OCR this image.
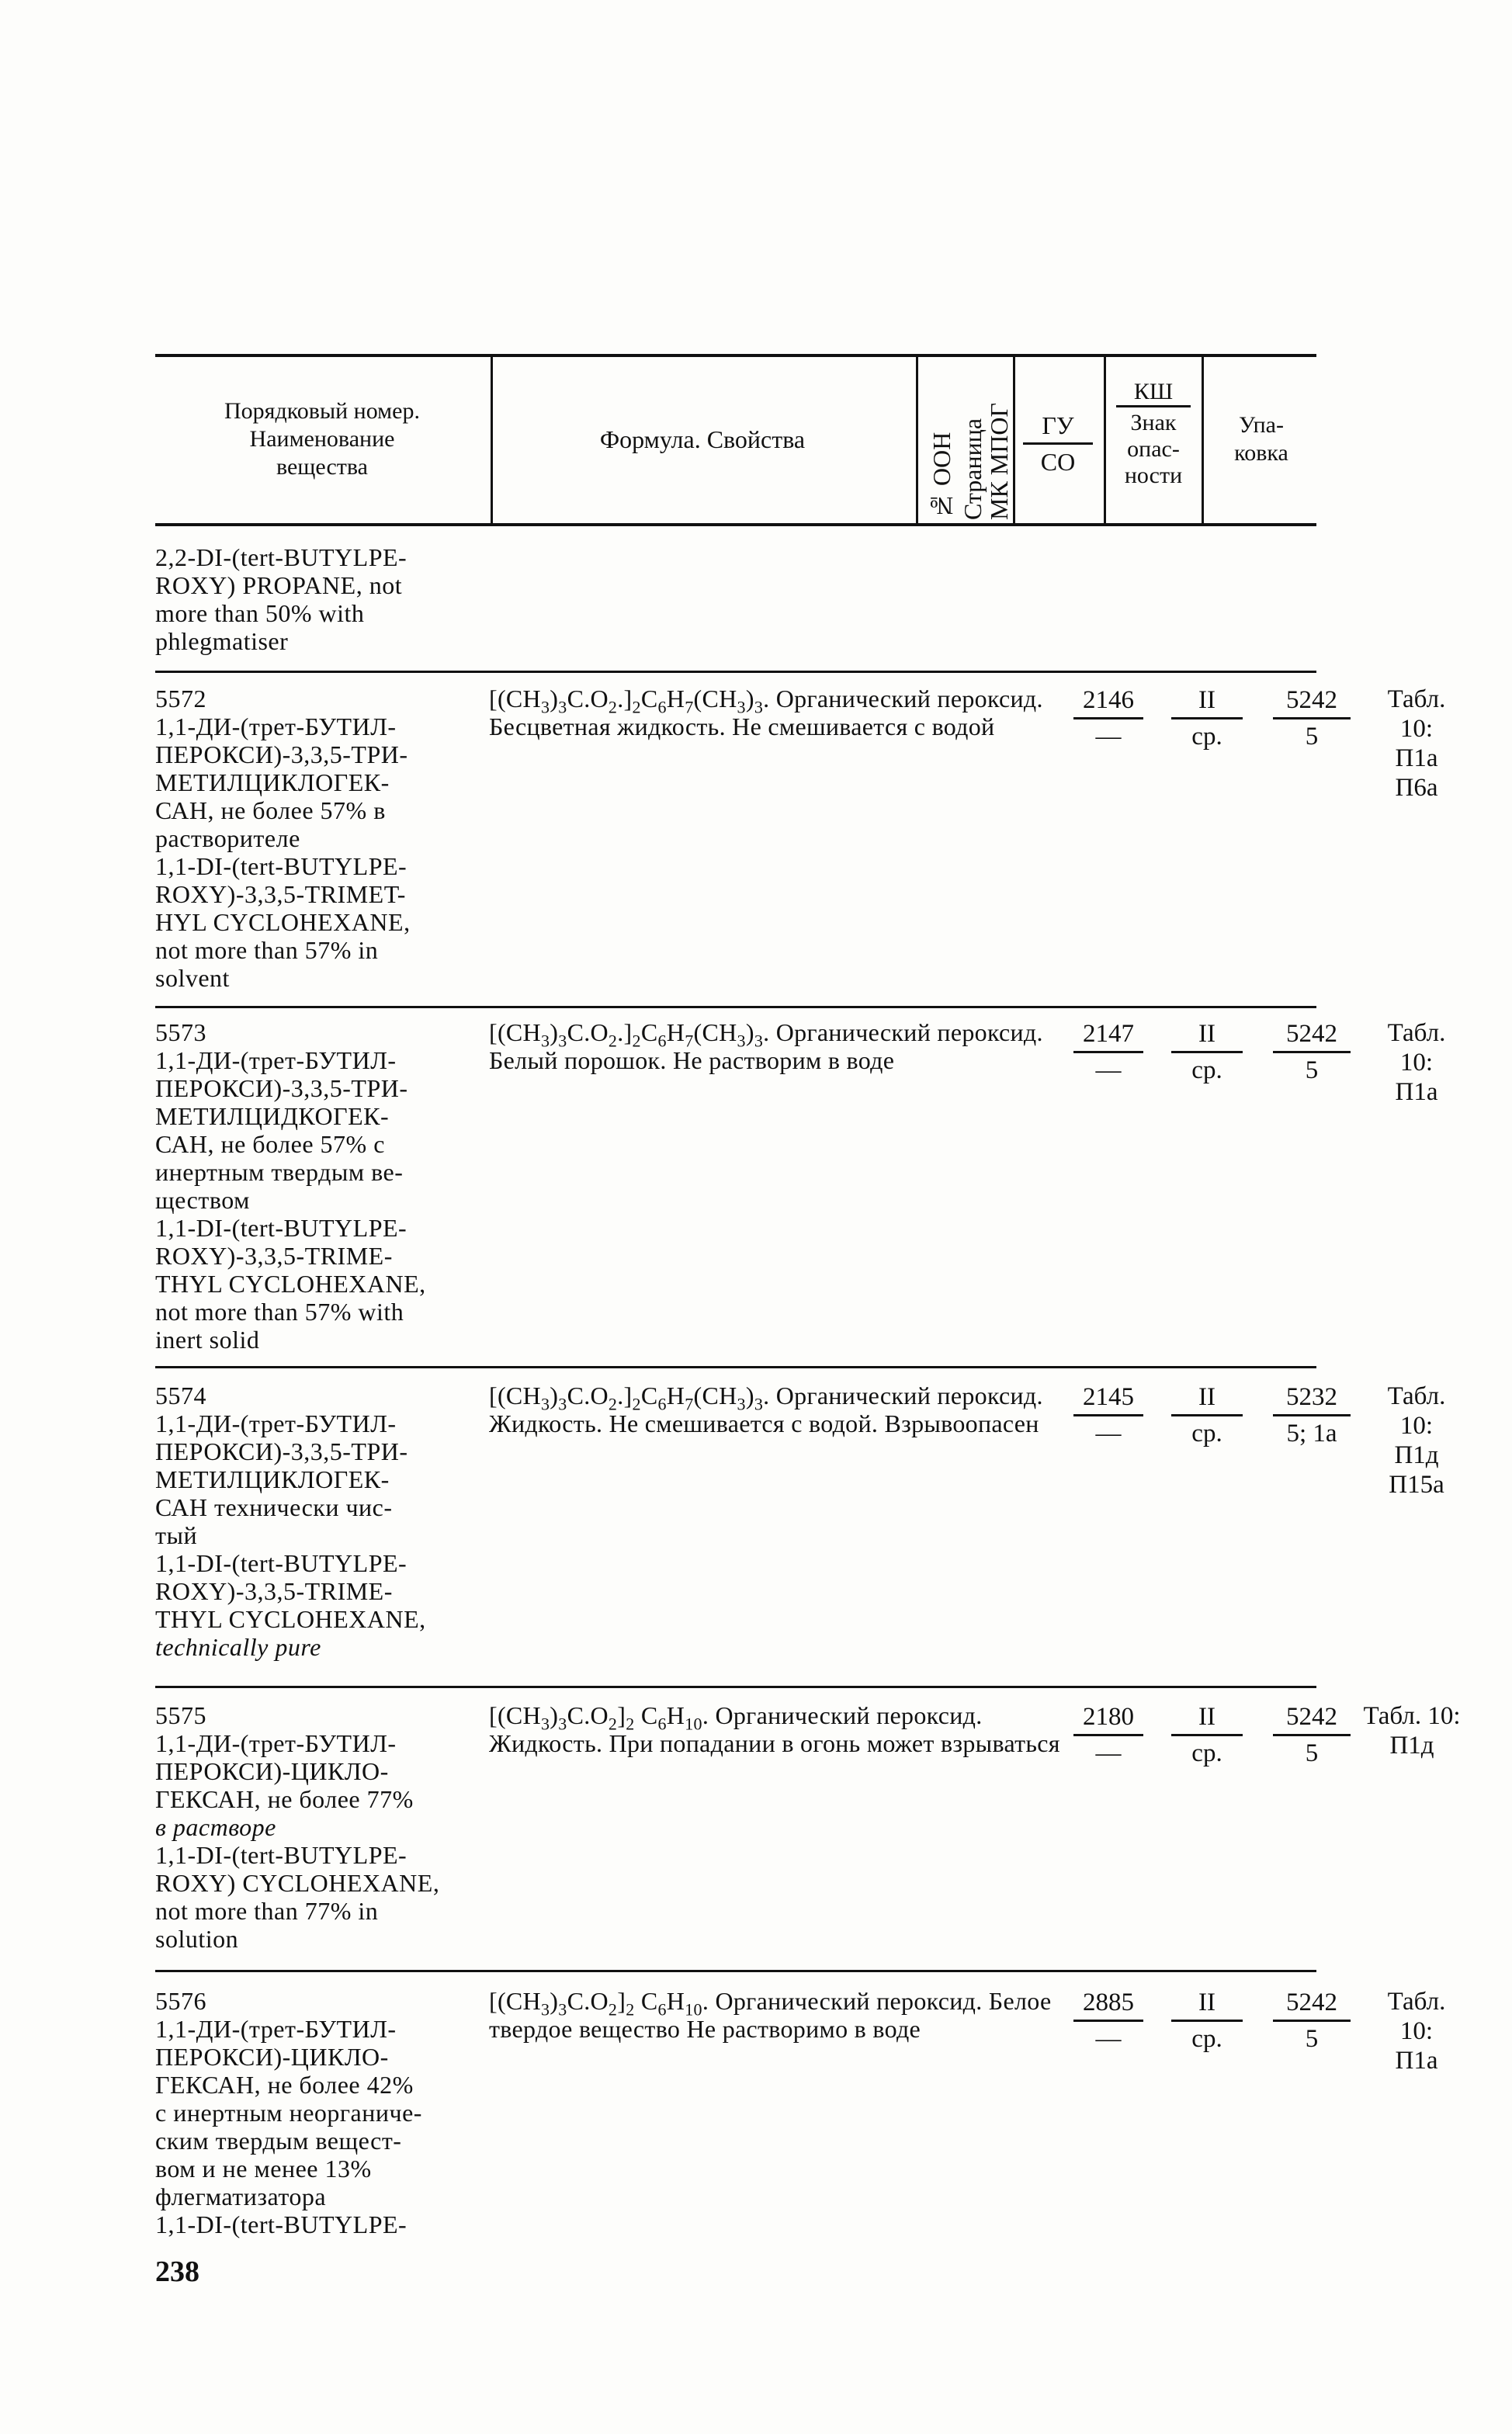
Порядковый номер.
Наименование
вещества
Формула. Свойства	№ ООН Страница
МК МПОГ	ГУ
СО
КШ
Знак
опас-
ности
Упа-
ковка
2,2-DI-(tert-BUTYLPE-
ROXY) PROPANE, not
more than 50% with
phlegmatiser
5572
1,1-ДИ-(трет-БУТИЛ-
ПЕРОКСИ)-3,3,5-ТРИ-
МЕТИЛЦИКЛОГЕК-
САН, не более 57% в
растворителе
1,1-DI-(tert-BUTYLPE-
ROXY)-3,3,5-TRIMET-
HYL CYCLOHEXANE,
not more than 57% in
solvent
$[(CH_3)_3C.O_2.]_2C_6H_7(CH_3)_3$. Органический пероксид. Бесцветная жидкость. Не смешивается с водой
2146
—
II
ср.
5242
5
Табл.
10:
П1а
П6а
5573
1,1-ДИ-(трет-БУТИЛ-
ПЕРОКСИ)-3,3,5-ТРИ-
МЕТИЛЦИДКОГЕК-
САН, не более 57% с
инертным твердым ве-
ществом
1,1-DI-(tert-BUTYLPE-
ROXY)-3,3,5-TRIME-
THYL CYCLOHEXANE,
not more than 57% with
inert solid
$[(CH_3)_3C.O_2.]_2C_6H_7(CH_3)_3$. Органический пероксид. Белый порошок. Не растворим в воде
2147
—
II
ср.
5242
5
Табл.
10:
П1а
5574
1,1-ДИ-(трет-БУТИЛ-
ПЕРОКСИ)-3,3,5-ТРИ-
МЕТИЛЦИКЛОГЕК-
САН технически чис-
тый
1,1-DI-(tert-BUTYLPE-
ROXY)-3,3,5-TRIME-
THYL CYCLOHEXANE,
technically pure
$[(CH_3)_3C.O_2.]_2C_6H_7(CH_3)_3$. Органический пероксид. Жидкость. Не смешивается с водой. Взрывоопасен
2145
—
II
ср.
5232
5; 1а
Табл.
10:
П1д
П15а
5575
1,1-ДИ-(трет-БУТИЛ-
ПЕРОКСИ)-ЦИКЛО-
ГЕКСАН, не более 77%
в растворе
1,1-DI-(tert-BUTYLPE-
ROXY) CYCLOHEXANE,
not more than 77% in
solution
$[(CH_3)_3C.O_2]_2$ $C_6H_{10}$. Органический пероксид. Жидкость. При попадании в огонь может взрываться
2180
—
II
ср.
5242
5
Табл. 10:
П1д
5576
1,1-ДИ-(трет-БУТИЛ-
ПЕРОКСИ)-ЦИКЛО-
ГЕКСАН, не более 42%
с инертным неорганиче-
ским твердым вещест-
вом и не менее 13%
флегматизатора
1,1-DI-(tert-BUTYLPE-
$[(CH_3)_3C.O_2]_2$ $C_6H_{10}$. Органический пероксид. Белое твердое вещество Не растворимо в воде
2885
—
II
ср.
5242
5
Табл.
10:
П1а
238
